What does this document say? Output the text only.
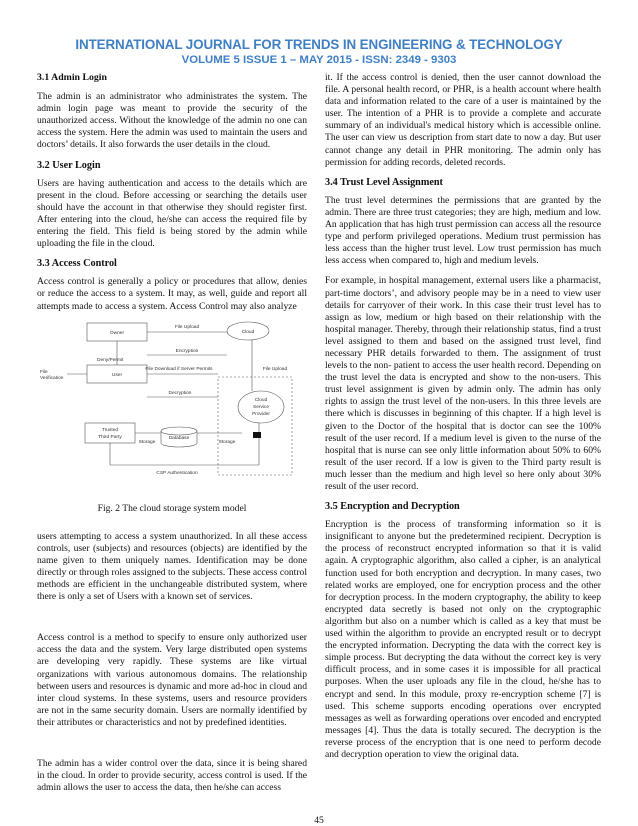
INTERNATIONAL JOURNAL FOR TRENDS IN ENGINEERING & TECHNOLOGY
VOLUME 5 ISSUE 1 – MAY 2015 - ISSN: 2349 - 9303
3.1 Admin Login

The admin is an administrator who administrates the system. The admin login page was meant to provide the security of the unauthorized access. Without the knowledge of the admin no one can access the system. Here the admin was used to maintain the users and doctors’ details. It also forwards the user details in the cloud.

3.2 User Login

Users are having authentication and access to the details which are present in the cloud. Before accessing or searching the details user should have the account in that otherwise they should register first. After entering into the cloud, he/she can access the required file by entering the field. This field is being stored by the admin while uploading the file in the cloud.

3.3 Access Control

Access control is generally a policy or procedures that allow, denies or reduce the access to a system. It may, as well, guide and report all attempts made to access a system. Access Control may also analyze

Owner
User
Cloud
File Upload
Encryption
Deny/Permit
File Download if Server Permits	File Upload
File
Verification
Decryption
Cloud
Service
Provider
Trusted
Third Party	Database
Storage	Storage
CSP Authentication
Fig. 2 The cloud storage system model

users attempting to access a system unauthorized. In all these access controls, user (subjects) and resources (objects) are identified by the name given to them uniquely names. Identification may be done directly or through roles assigned to the subjects. These access control methods are efficient in the unchangeable distributed system, where there is only a set of Users with a known set of services.

Access control is a method to specify to ensure only authorized user access the data and the system. Very large distributed open systems are developing very rapidly. These systems are like virtual organizations with various autonomous domains. The relationship between users and resources is dynamic and more ad-hoc in cloud and inter cloud systems. In these systems, users and resource providers are not in the same security domain. Users are normally identified by their attributes or characteristics and not by predefined identities.

The admin has a wider control over the data, since it is being shared in the cloud. In order to provide security, access control is used. If the admin allows the user to access the data, then he/she can access

it. If the access control is denied, then the user cannot download the file. A personal health record, or PHR, is a health account where health data and information related to the care of a user is maintained by the user. The intention of a PHR is to provide a complete and accurate summary of an individual's medical history which is accessible online. The user can view us description from start date to now a day. But user cannot change any detail in PHR monitoring. The admin only has permission for adding records, deleted records.

3.4 Trust Level Assignment

The trust level determines the permissions that are granted by the admin. There are three trust categories; they are high, medium and low. An application that has high trust permission can access all the resource type and perform privileged operations. Medium trust permission has less access than the higher trust level. Low trust permission has much less access when compared to, high and medium levels.

For example, in hospital management, external users like a pharmacist, part-time doctors’, and advisory people may be in a need to view user details for carryover of their work. In this case their trust level has to assign as low, medium or high based on their relationship with the hospital manager. Thereby, through their relationship status, find a trust level assigned to them and based on the assigned trust level, find necessary PHR details forwarded to them. The assignment of trust levels to the non- patient to access the user health record. Depending on the trust level the data is encrypted and show to the non-users. This trust level assignment is given by admin only. The admin has only rights to assign the trust level of the non-users. In this three levels are there which is discusses in beginning of this chapter. If a high level is given to the Doctor of the hospital that is doctor can see the 100% result of the user record. If a medium level is given to the nurse of the hospital that is nurse can see only little information about 50% to 60% result of the user record. If a low is given to the Third party result is much lesser than the medium and high level so here only about 30% result of the user record.

3.5 Encryption and Decryption

Encryption is the process of transforming information so it is insignificant to anyone but the predetermined recipient. Decryption is the process of reconstruct encrypted information so that it is valid again. A cryptographic algorithm, also called a cipher, is an analytical function used for both encryption and decryption. In many cases, two related works are employed, one for encryption process and the other for decryption process. In the modern cryptography, the ability to keep encrypted data secretly is based not only on the cryptographic algorithm but also on a number which is called as a key that must be used within the algorithm to provide an encrypted result or to decrypt the encrypted information. Decrypting the data with the correct key is simple process. But decrypting the data without the correct key is very difficult process, and in some cases it is impossible for all practical purposes. When the user uploads any file in the cloud, he/she has to encrypt and send. In this module, proxy re-encryption scheme [7] is used. This scheme supports encoding operations over encrypted messages as well as forwarding operations over encoded and encrypted messages [4]. Thus the data is totally secured. The decryption is the reverse process of the encryption that is one need to perform decode and decryption operation to view the original data.

45
